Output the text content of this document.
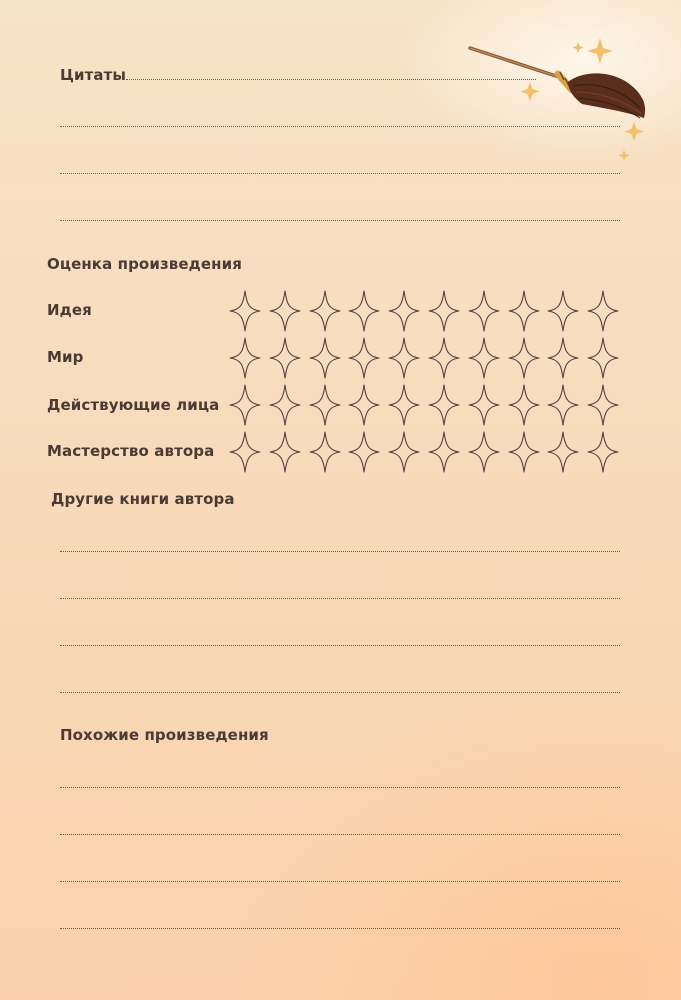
Цитаты
Оценка произведения
Идея
Мир
Действующие лица
Мастерство автора
Другие книги автора
Похожие произведения
